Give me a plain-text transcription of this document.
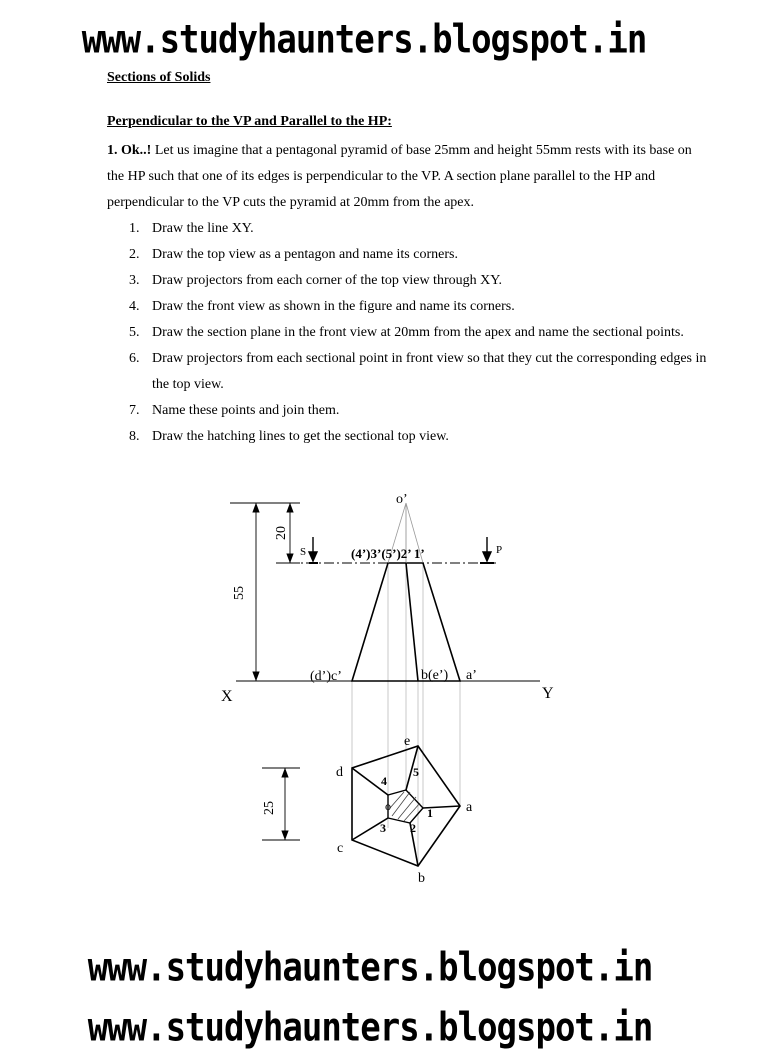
www.studyhaunters.blogspot.in
Sections of Solids
Perpendicular to the VP and Parallel to the HP:
1. Ok..! Let us imagine that a pentagonal pyramid of base 25mm and height 55mm rests with its base on the HP such that one of its edges is perpendicular to the VP. A section plane parallel to the HP and perpendicular to the VP cuts the pyramid at 20mm from the apex.
1. Draw the line XY.
2. Draw the top view as a pentagon and name its corners.
3. Draw projectors from each corner of the top view through XY.
4. Draw the front view as shown in the figure and name its corners.
5. Draw the section plane in the front view at 20mm from the apex and name the sectional points.
6. Draw projectors from each sectional point in front view so that they cut the corresponding edges in the top view.
7. Name these points and join them.
8. Draw the hatching lines to get the sectional top view.
o’
20
55
(4’)3’(5’)2’ 1’
S	P
X	Y
(d’)c’	b(e’) a’
25
e
d
a
c
b
o
4
5
1
2
3
www.studyhaunters.blogspot.in
www.studyhaunters.blogspot.in
